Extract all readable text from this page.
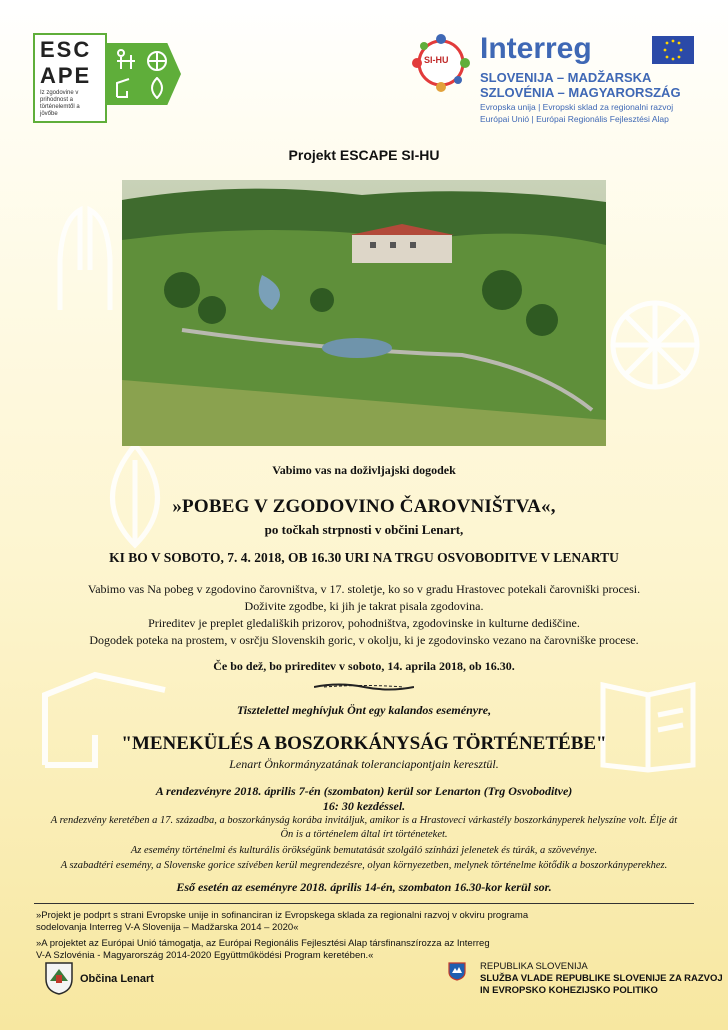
ESC
APE
Iz zgodovine v prihodnost a történelemtől a jövőbe
SI-HU Interreg
SLOVENIJA – MADŽARSKA
SZLOVÉNIA – MAGYARORSZÁG
Evropska unija | Evropski sklad za regionalni razvoj
Európai Unió | Európai Regionális Fejlesztési Alap
Projekt ESCAPE SI-HU
Vabimo vas na doživljajski dogodek
»POBEG V ZGODOVINO ČAROVNIŠTVA«,
po točkah strpnosti v občini Lenart,
KI BO V SOBOTO, 7. 4. 2018, OB 16.30 URI NA TRGU OSVOBODITVE V LENARTU
Vabimo vas Na pobeg v zgodovino čarovništva, v 17. stoletje, ko so v gradu Hrastovec potekali čarovniški procesi.
Doživite zgodbe, ki jih je takrat pisala zgodovina.
Prireditev je preplet gledaliških prizorov, pohodništva, zgodovinske in kulturne dediščine.
Dogodek poteka na prostem, v osrčju Slovenskih goric, v okolju, ki je zgodovinsko vezano na čarovniške procese.
Če bo dež, bo prireditev v soboto, 14. aprila 2018, ob 16.30.
Tisztelettel meghívjuk Önt egy kalandos eseményre,
"MENEKÜLÉS A BOSZORKÁNYSÁG TÖRTÉNETÉBE"
Lenart Önkormányzatának toleranciapontjain keresztül.
A rendezvényre 2018. április 7-én (szombaton) kerül sor Lenarton (Trg Osvoboditve)
16: 30 kezdéssel.
A rendezvény keretében a 17. századba, a boszorkányság korába invitáljuk, amikor is a Hrastoveci várkastély boszorkányperek helyszíne volt. Élje át
Ön is a történelem által írt történeteket.
Az esemény történelmi és kulturális örökségünk bemutatását szolgáló színházi jelenetek és túrák, a szövevénye.
A szabadtéri esemény, a Slovenske gorice szívében kerül megrendezésre, olyan környezetben, melynek történelme kötődik a boszorkányperekhez.
Eső esetén az eseményre 2018. április 14-én, szombaton 16.30-kor kerül sor.
»Projekt je podprt s strani Evropske unije in sofinanciran iz Evropskega sklada za regionalni razvoj v okviru programa
sodelovanja Interreg V-A Slovenija – Madžarska 2014 – 2020«
»A projektet az Európai Unió támogatja, az Európai Regionális Fejlesztési Alap társfinanszírozza az Interreg
V-A Szlovénia - Magyarország 2014-2020 Együttműködési Program keretében.«
Občina Lenart
REPUBLIKA SLOVENIJA
SLUŽBA VLADE REPUBLIKE SLOVENIJE ZA RAZVOJ
IN EVROPSKO KOHEZIJSKO POLITIKO
